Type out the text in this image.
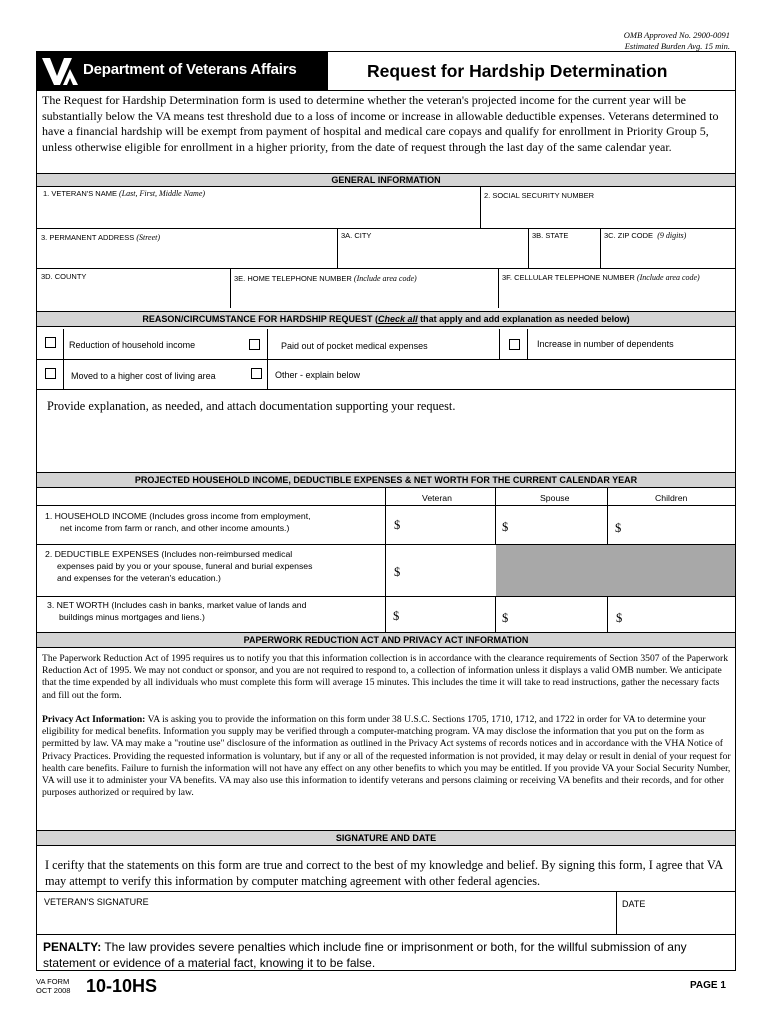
OMB Approved No. 2900-0091
Estimated Burden Avg. 15 min.
Department of Veterans Affairs	Request for Hardship Determination
The Request for Hardship Determination form is used to determine whether the veteran's projected income for the current year will be substantially below the VA means test threshold due to a loss of income or increase in allowable deductible expenses. Veterans determined to have a financial hardship will be exempt from payment of hospital and medical care copays and qualify for enrollment in Priority Group 5, unless otherwise eligible for enrollment in a higher priority, from the date of request through the last day of the same calendar year.
GENERAL INFORMATION
1. VETERAN'S NAME (Last, First, Middle Name)	2. SOCIAL SECURITY NUMBER
3. PERMANENT ADDRESS (Street)	3A. CITY	3B. STATE	3C. ZIP CODE (9 digits)
3D. COUNTY	3E. HOME TELEPHONE NUMBER (Include area code)	3F. CELLULAR TELEPHONE NUMBER (Include area code)
REASON/CIRCUMSTANCE FOR HARDSHIP REQUEST (Check all that apply and add explanation as needed below)
Reduction of household income	Paid out of pocket medical expenses	Increase in number of dependents
Moved to a higher cost of living area	Other - explain below
Provide explanation, as needed, and attach documentation supporting your request.
PROJECTED HOUSEHOLD INCOME, DEDUCTIBLE EXPENSES & NET WORTH FOR THE CURRENT CALENDAR YEAR
Veteran	Spouse	Children
1. HOUSEHOLD INCOME (Includes gross income from employment,
net income from farm or ranch, and other income amounts.)	$	$	$
2. DEDUCTIBLE EXPENSES (Includes non-reimbursed medical
expenses paid by you or your spouse, funeral and burial expenses
and expenses for the veteran's education.)	$
3. NET WORTH (Includes cash in banks, market value of lands and
buildings minus mortgages and liens.)	$	$	$
PAPERWORK REDUCTION ACT AND PRIVACY ACT INFORMATION
The Paperwork Reduction Act of 1995 requires us to notify you that this information collection is in accordance with the clearance requirements of Section 3507 of the Paperwork Reduction Act of 1995. We may not conduct or sponsor, and you are not required to respond to, a collection of information unless it displays a valid OMB number. We anticipate that the time expended by all individuals who must complete this form will average 15 minutes. This includes the time it will take to read instructions, gather the necessary facts and fill out the form.
Privacy Act Information: VA is asking you to provide the information on this form under 38 U.S.C. Sections 1705, 1710, 1712, and 1722 in order for VA to determine your eligibility for medical benefits. Information you supply may be verified through a computer-matching program. VA may disclose the information that you put on the form as permitted by law. VA may make a "routine use" disclosure of the information as outlined in the Privacy Act systems of records notices and in accordance with the VHA Notice of Privacy Practices. Providing the requested information is voluntary, but if any or all of the requested information is not provided, it may delay or result in denial of your request for health care benefits. Failure to furnish the information will not have any effect on any other benefits to which you may be entitled. If you provide VA your Social Security Number, VA will use it to administer your VA benefits. VA may also use this information to identify veterans and persons claiming or receiving VA benefits and their records, and for other purposes authorized or required by law.
SIGNATURE AND DATE
I cerifty that the statements on this form are true and correct to the best of my knowledge and belief. By signing this form, I agree that VA may attempt to verify this information by computer matching agreement with other federal agencies.
VETERAN'S SIGNATURE	DATE
PENALTY: The law provides severe penalties which include fine or imprisonment or both, for the willful submission of any statement or evidence of a material fact, knowing it to be false.
VA FORM
OCT 2008 10-10HS	PAGE 1
